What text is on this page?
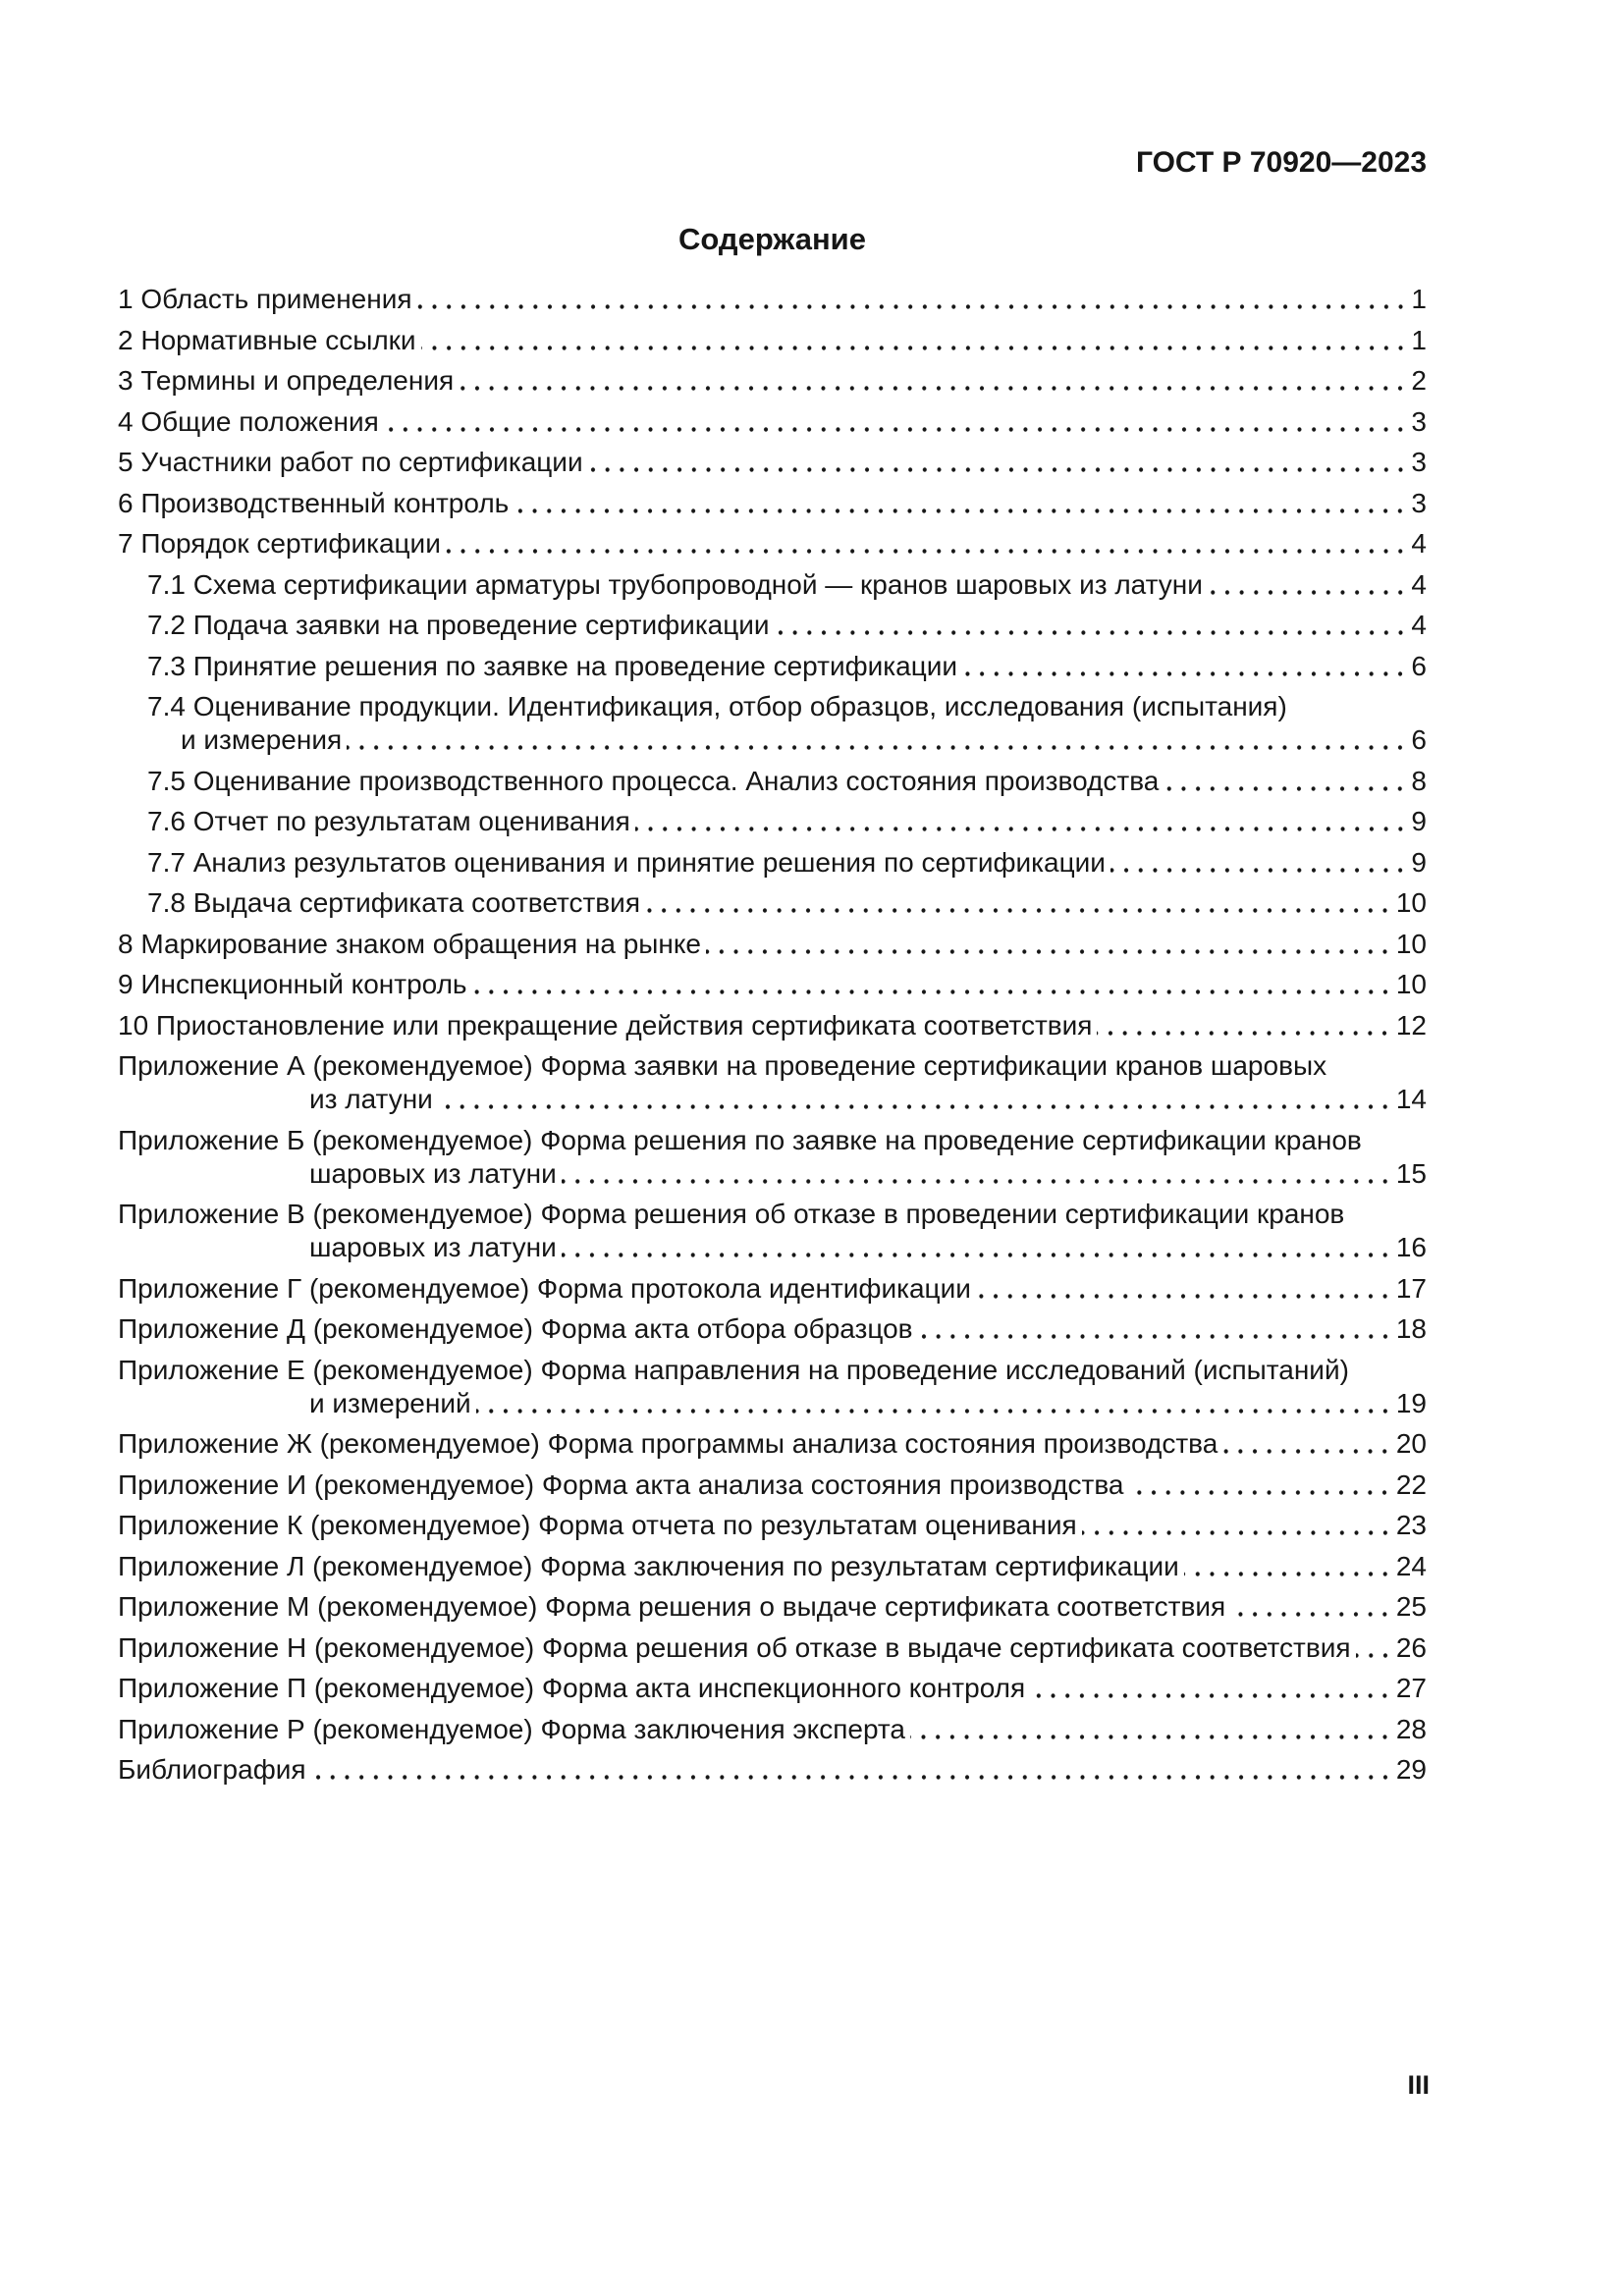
ГОСТ Р 70920—2023
Содержание
1 Область применения	1
2 Нормативные ссылки	1
3 Термины и определения	2
4 Общие положения	3
5 Участники работ по сертификации	3
6 Производственный контроль	3
7 Порядок сертификации	4
7.1 Схема сертификации арматуры трубопроводной — кранов шаровых из латуни	4
7.2 Подача заявки на проведение сертификации	4
7.3 Принятие решения по заявке на проведение сертификации	6
7.4 Оценивание продукции. Идентификация, отбор образцов, исследования (испытания)
и измерения	6
7.5 Оценивание производственного процесса. Анализ состояния производства	8
7.6 Отчет по результатам оценивания	9
7.7 Анализ результатов оценивания и принятие решения по сертификации	9
7.8 Выдача сертификата соответствия	10
8 Маркирование знаком обращения на рынке	10
9 Инспекционный контроль	10
10 Приостановление или прекращение действия сертификата соответствия	12
Приложение А (рекомендуемое) Форма заявки на проведение сертификации кранов шаровых
из латуни	14
Приложение Б (рекомендуемое) Форма решения по заявке на проведение сертификации кранов
шаровых из латуни	15
Приложение В (рекомендуемое) Форма решения об отказе в проведении сертификации кранов
шаровых из латуни	16
Приложение Г (рекомендуемое) Форма протокола идентификации	17
Приложение Д (рекомендуемое) Форма акта отбора образцов	18
Приложение Е (рекомендуемое) Форма направления на проведение исследований (испытаний)
и измерений	19
Приложение Ж (рекомендуемое) Форма программы анализа состояния производства	20
Приложение И (рекомендуемое) Форма акта анализа состояния производства	22
Приложение К (рекомендуемое) Форма отчета по результатам оценивания	23
Приложение Л (рекомендуемое) Форма заключения по результатам сертификации	24
Приложение М (рекомендуемое) Форма решения о выдаче сертификата соответствия	25
Приложение Н (рекомендуемое) Форма решения об отказе в выдаче сертификата соответствия 26
Приложение П (рекомендуемое) Форма акта инспекционного контроля	27
Приложение Р (рекомендуемое) Форма заключения эксперта	28
Библиография	29
III
